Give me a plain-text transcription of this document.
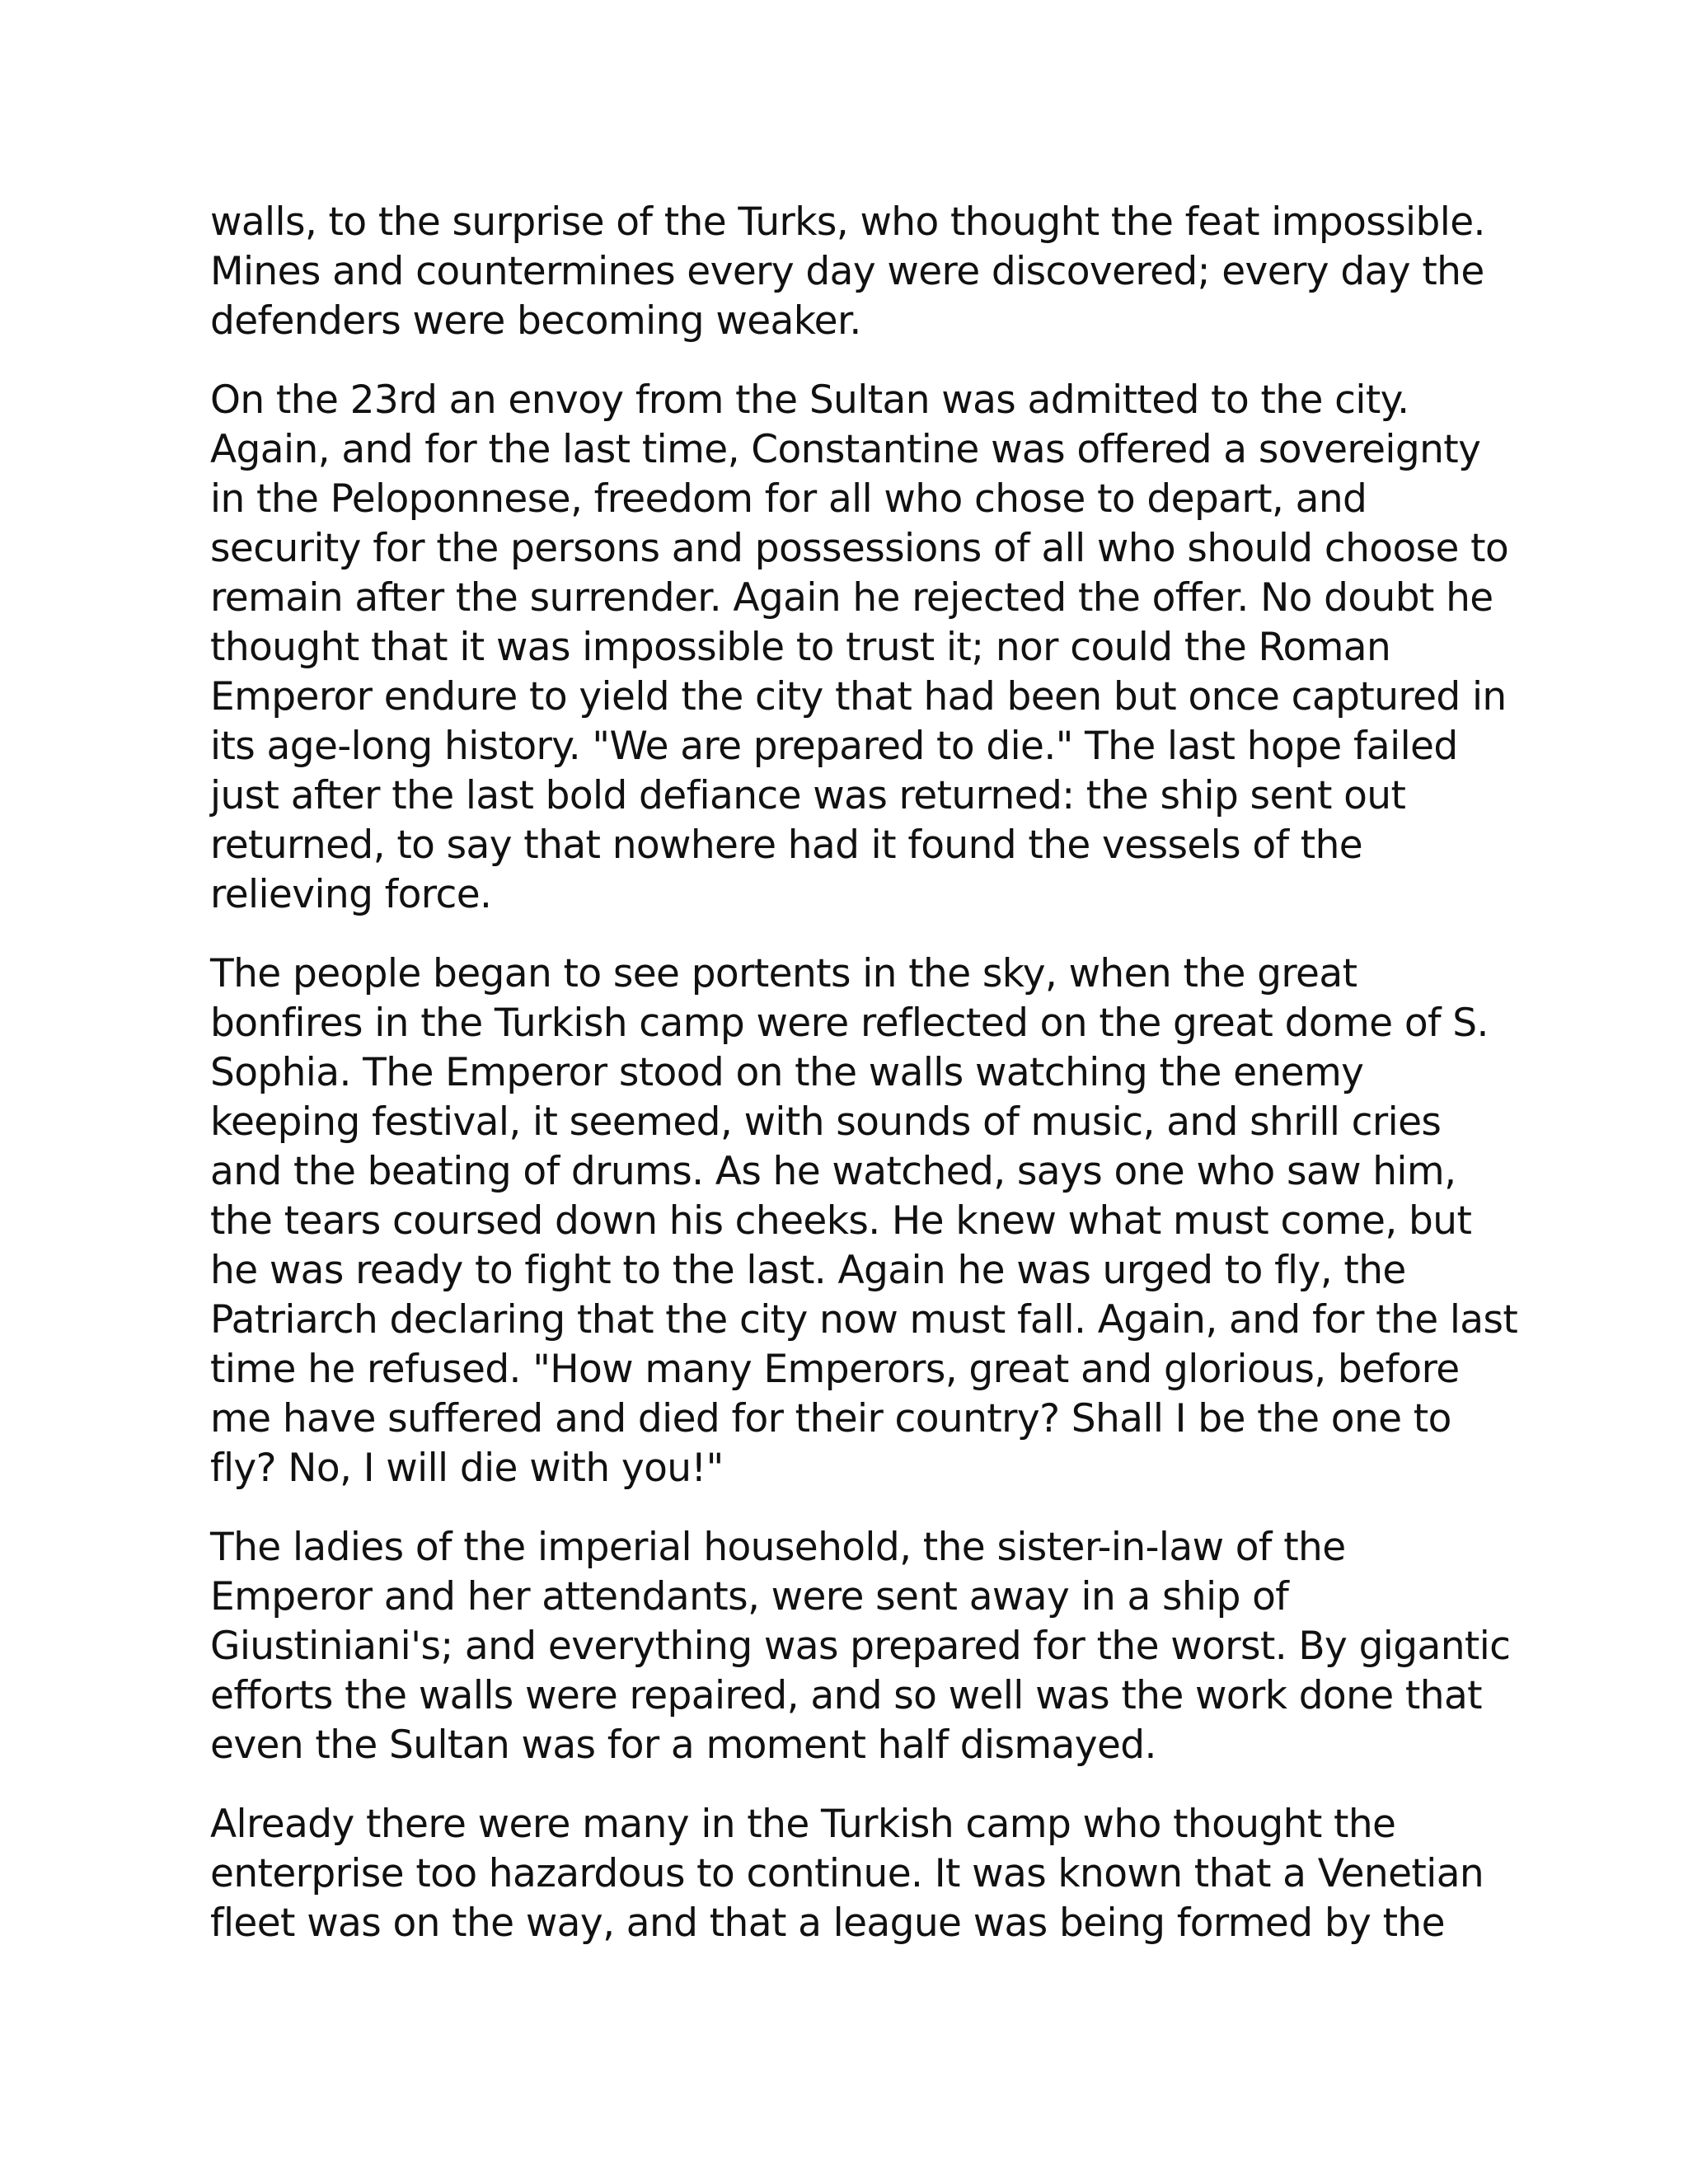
walls, to the surprise of the Turks, who thought the feat impossible.
Mines and countermines every day were discovered; every day the
defenders were becoming weaker.

On the 23rd an envoy from the Sultan was admitted to the city.
Again, and for the last time, Constantine was offered a sovereignty
in the Peloponnese, freedom for all who chose to depart, and
security for the persons and possessions of all who should choose to
remain after the surrender. Again he rejected the offer. No doubt he
thought that it was impossible to trust it; nor could the Roman
Emperor endure to yield the city that had been but once captured in
its age-long history. "We are prepared to die." The last hope failed
just after the last bold defiance was returned: the ship sent out
returned, to say that nowhere had it found the vessels of the
relieving force.

The people began to see portents in the sky, when the great
bonfires in the Turkish camp were reflected on the great dome of S.
Sophia. The Emperor stood on the walls watching the enemy
keeping festival, it seemed, with sounds of music, and shrill cries
and the beating of drums. As he watched, says one who saw him,
the tears coursed down his cheeks. He knew what must come, but
he was ready to fight to the last. Again he was urged to fly, the
Patriarch declaring that the city now must fall. Again, and for the last
time he refused. "How many Emperors, great and glorious, before
me have suffered and died for their country? Shall I be the one to
fly? No, I will die with you!"

The ladies of the imperial household, the sister-in-law of the
Emperor and her attendants, were sent away in a ship of
Giustiniani's; and everything was prepared for the worst. By gigantic
efforts the walls were repaired, and so well was the work done that
even the Sultan was for a moment half dismayed.

Already there were many in the Turkish camp who thought the
enterprise too hazardous to continue. It was known that a Venetian
fleet was on the way, and that a league was being formed by the
